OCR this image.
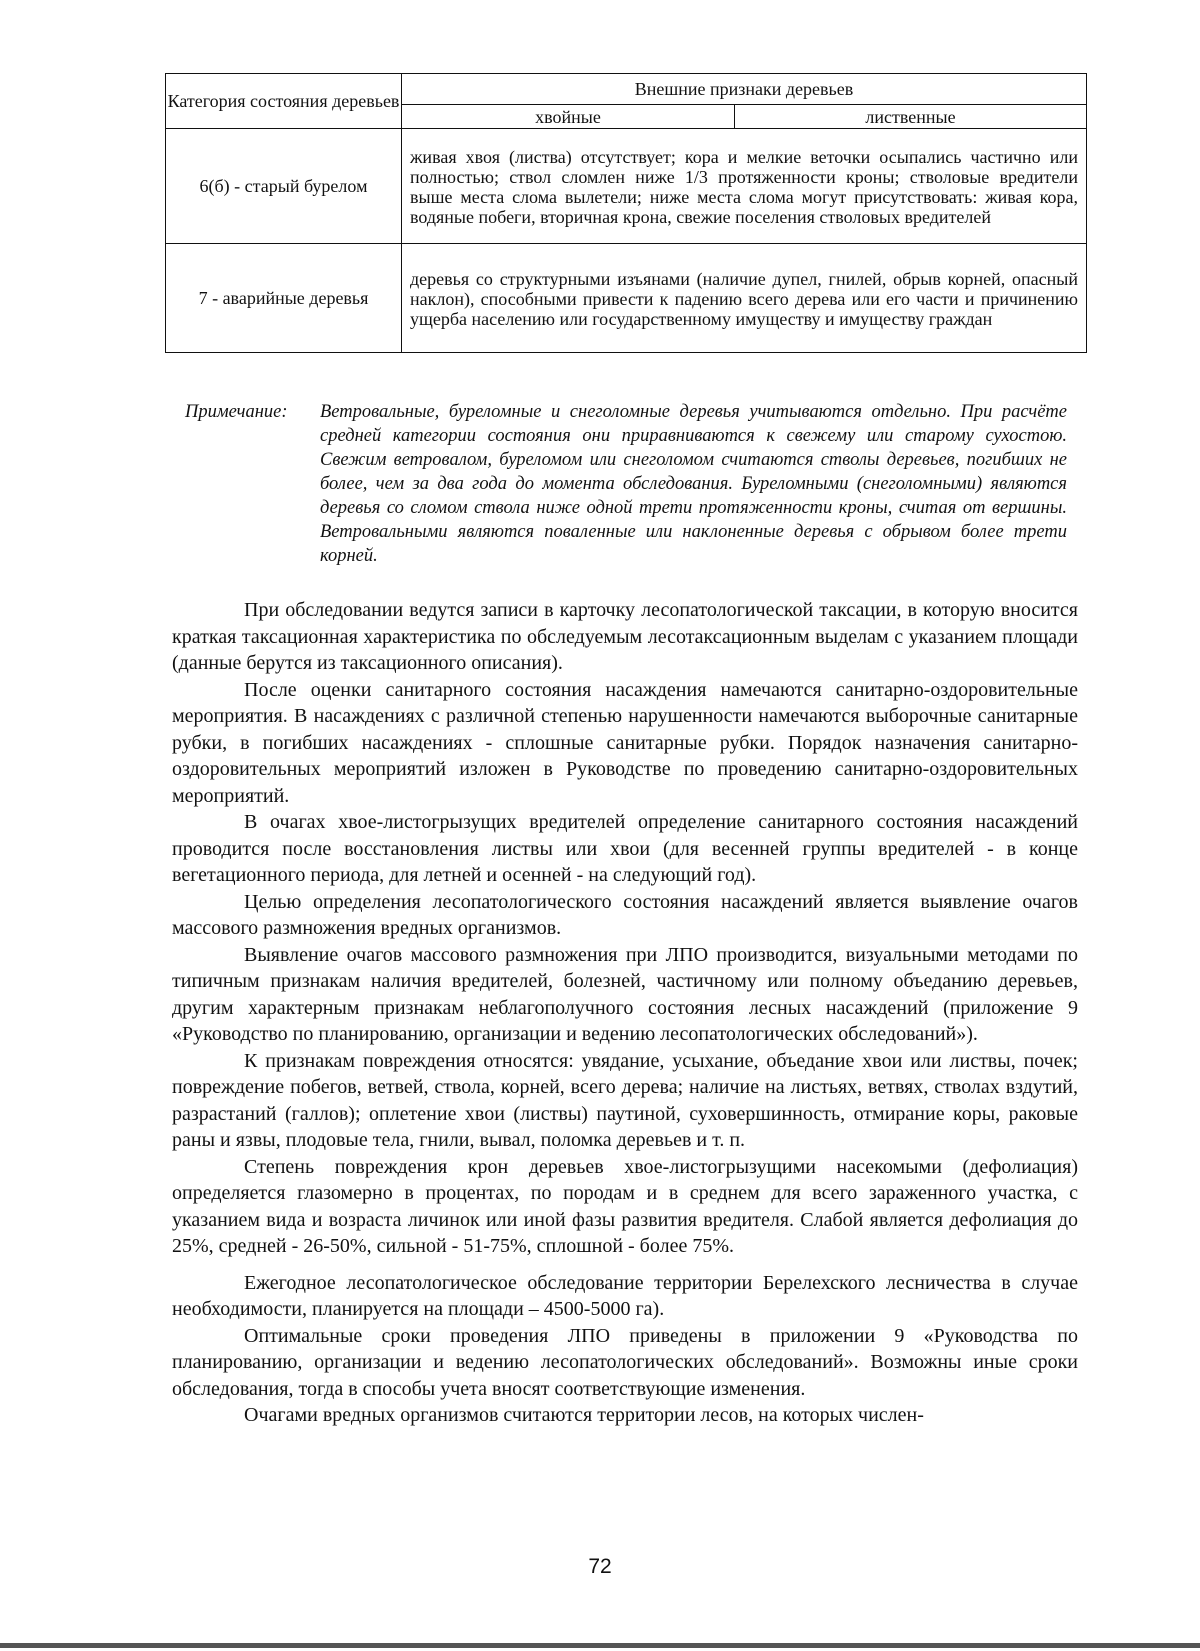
Категория состояния деревьев	Внешние признаки деревьев	
	хвойные	лиственные
6(б) - старый бурелом	живая хвоя (листва) отсутствует; кора и мелкие веточки осыпались частично или полностью; ствол сломлен ниже 1/3 протяженности кроны; стволовые вредители выше места слома вылетели; ниже места слома могут присутствовать: живая кора, водяные побеги, вторичная крона, свежие поселения стволовых вредителей	
7 - аварийные деревья	деревья со структурными изъянами (наличие дупел, гнилей, обрыв корней, опасный наклон), способными привести к падению всего дерева или его части и причинению ущерба населению или государственному имуществу и имуществу граждан	
Примечание:	Ветровальные, буреломные и снеголомные деревья учитываются отдельно. При расчёте средней категории состояния они приравниваются к свежему или старому сухостою. Свежим ветровалом, буреломом или снеголомом считаются стволы деревьев, погибших не более, чем за два года до момента обследования. Буреломными (снеголомными) являются деревья со сломом ствола ниже одной трети протяженности кроны, считая от вершины. Ветровальными являются поваленные или наклоненные деревья с обрывом более трети корней.

При обследовании ведутся записи в карточку лесопатологической таксации, в которую вносится краткая таксационная характеристика по обследуемым лесотаксационным выделам с указанием площади (данные берутся из таксационного описания).

После оценки санитарного состояния насаждения намечаются санитарно-оздоровительные мероприятия. В насаждениях с различной степенью нарушенности намечаются выборочные санитарные рубки, в погибших насаждениях - сплошные санитарные рубки. Порядок назначения санитарно-оздоровительных мероприятий изложен в Руководстве по проведению санитарно-оздоровительных мероприятий.

В очагах хвое-листогрызущих вредителей определение санитарного состояния насаждений проводится после восстановления листвы или хвои (для весенней группы вредителей - в конце вегетационного периода, для летней и осенней - на следующий год).

Целью определения лесопатологического состояния насаждений является выявление очагов массового размножения вредных организмов.

Выявление очагов массового размножения при ЛПО производится, визуальными методами по типичным признакам наличия вредителей, болезней, частичному или полному объеданию деревьев, другим характерным признакам неблагополучного состояния лесных насаждений (приложение 9 «Руководство по планированию, организации и ведению лесопатологических обследований»).

К признакам повреждения относятся: увядание, усыхание, объедание хвои или листвы, почек; повреждение побегов, ветвей, ствола, корней, всего дерева; наличие на листьях, ветвях, стволах вздутий, разрастаний (галлов); оплетение хвои (листвы) паутиной, суховершинность, отмирание коры, раковые раны и язвы, плодовые тела, гнили, вывал, поломка деревьев и т. п.

Степень повреждения крон деревьев хвое-листогрызущими насекомыми (дефолиация) определяется глазомерно в процентах, по породам и в среднем для всего зараженного участка, с указанием вида и возраста личинок или иной фазы развития вредителя. Слабой является дефолиация до 25%, средней - 26-50%, сильной - 51-75%, сплошной - более 75%.

Ежегодное лесопатологическое обследование территории Берелехского лесничества в случае необходимости, планируется на площади – 4500-5000 га).

Оптимальные сроки проведения ЛПО приведены в приложении 9 «Руководства по планированию, организации и ведению лесопатологических обследований». Возможны иные сроки обследования, тогда в способы учета вносят соответствующие изменения.

Очагами вредных организмов считаются территории лесов, на которых числен-

72
